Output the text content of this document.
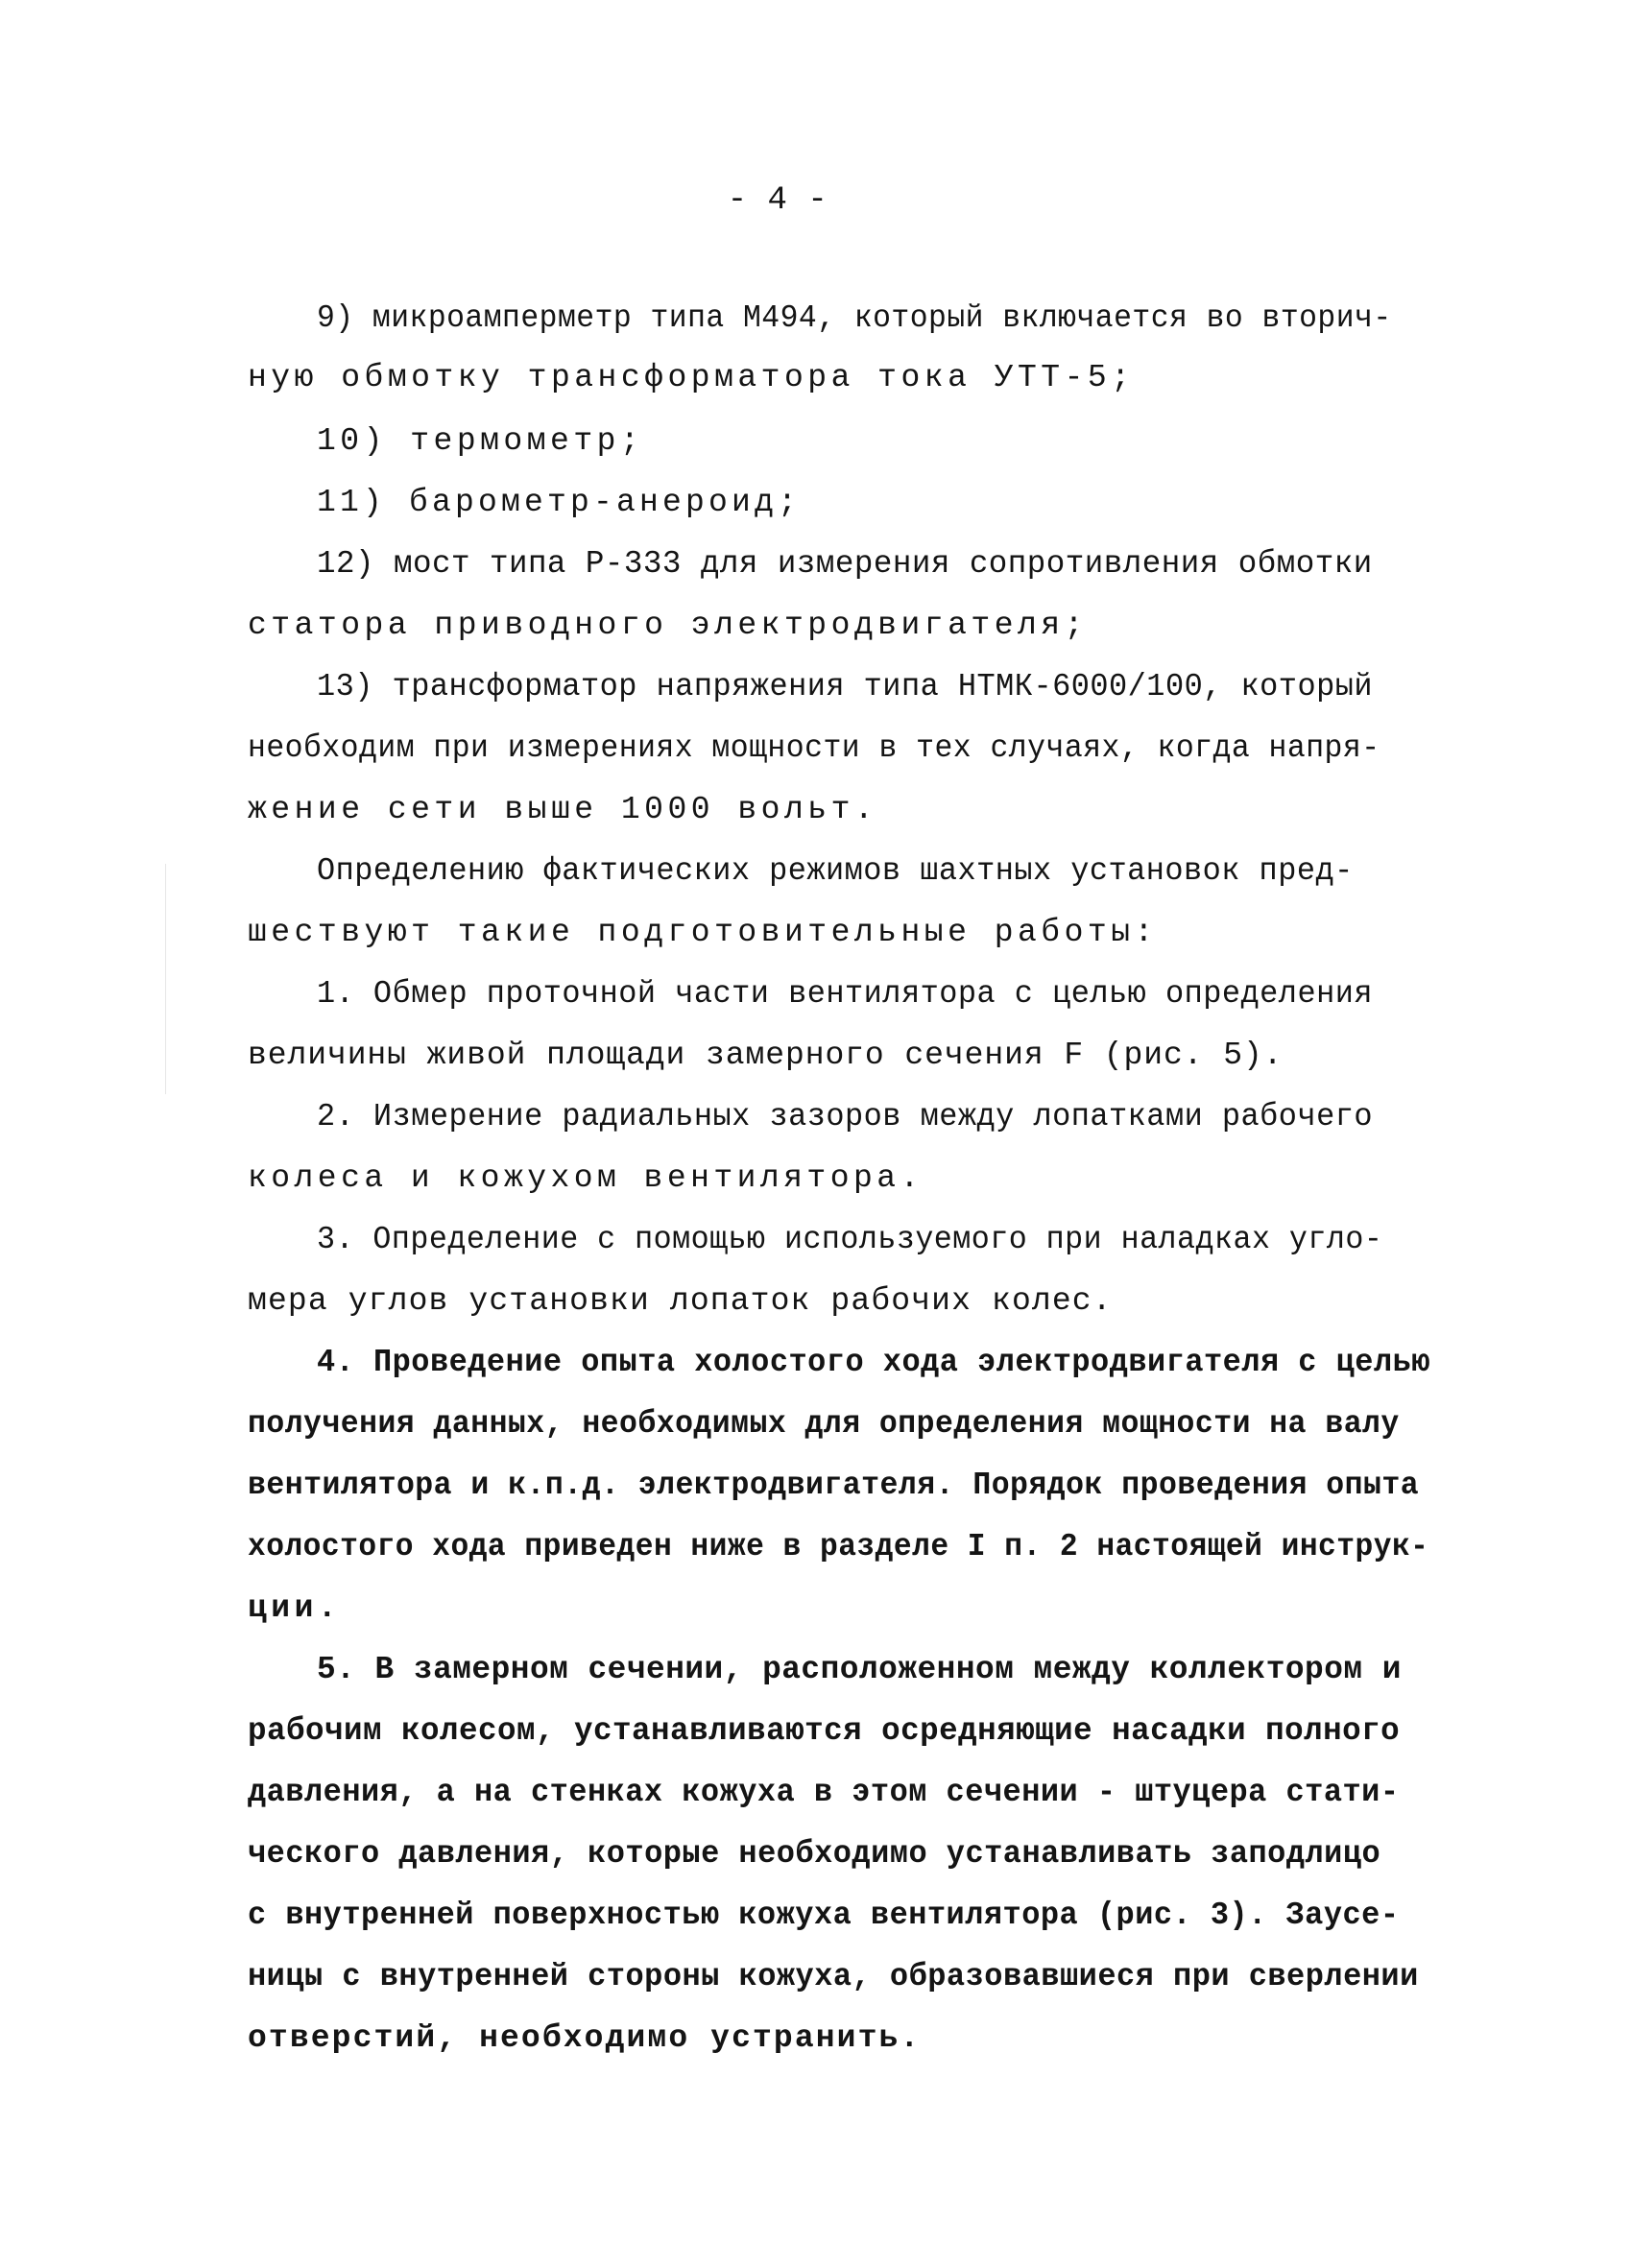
- 4 -
9) микроамперметр типа М494, который включается во вторич-
ную обмотку трансформатора тока УТТ-5;
10) термометр;
11) барометр-анероид;
12) мост типа Р-333 для измерения сопротивления обмотки
статора приводного электродвигателя;
13) трансформатор напряжения типа НТМК-6000/100, который
необходим при измерениях мощности в тех случаях, когда напря-
жение сети выше 1000 вольт.
Определению фактических режимов шахтных установок пред-
шествуют такие подготовительные работы:
1. Обмер проточной части вентилятора с целью определения
величины живой площади замерного сечения F (рис. 5).
2. Измерение радиальных зазоров между лопатками рабочего
колеса и кожухом вентилятора.
3. Определение с помощью используемого при наладках угло-
мера углов установки лопаток рабочих колес.
4. Проведение опыта холостого хода электродвигателя с целью
получения данных, необходимых для определения мощности на валу
вентилятора и к.п.д. электродвигателя. Порядок проведения опыта
холостого хода приведен ниже в разделе I п. 2 настоящей инструк-
ции.
5. В замерном сечении, расположенном между коллектором и
рабочим колесом, устанавливаются осредняющие насадки полного
давления, а на стенках кожуха в этом сечении - штуцера стати-
ческого давления, которые необходимо устанавливать заподлицо
с внутренней поверхностью кожуха вентилятора (рис. 3). Заусе-
ницы с внутренней стороны кожуха, образовавшиеся при сверлении
отверстий, необходимо устранить.
